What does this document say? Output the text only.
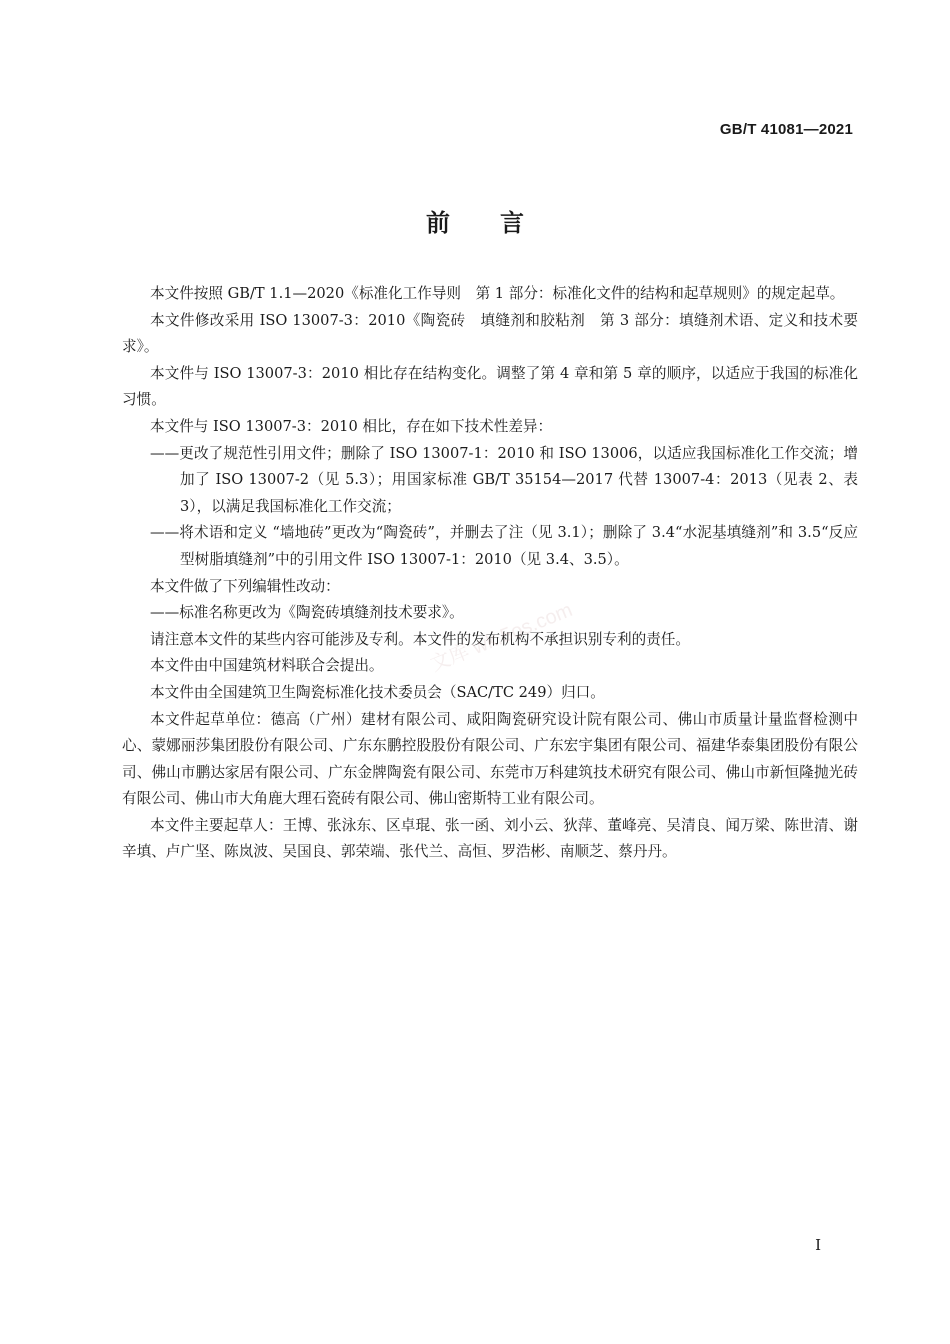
GB/T 41081—2021
前言

本文件按照 GB/T 1.1—2020《标准化工作导则　第 1 部分：标准化文件的结构和起草规则》的规定起草。

本文件修改采用 ISO 13007-3：2010《陶瓷砖　填缝剂和胶粘剂　第 3 部分：填缝剂术语、定义和技术要求》。

本文件与 ISO 13007-3：2010 相比存在结构变化。调整了第 4 章和第 5 章的顺序，以适应于我国的标准化习惯。

本文件与 ISO 13007-3：2010 相比，存在如下技术性差异：

——更改了规范性引用文件；删除了 ISO 13007-1：2010 和 ISO 13006，以适应我国标准化工作交流；增加了 ISO 13007-2（见 5.3）；用国家标准 GB/T 35154—2017 代替 13007-4：2013（见表 2、表 3），以满足我国标准化工作交流；

——将术语和定义 “墙地砖”更改为“陶瓷砖”，并删去了注（见 3.1）；删除了 3.4“水泥基填缝剂”和 3.5“反应型树脂填缝剂”中的引用文件 ISO 13007-1：2010（见 3.4、3.5）。

本文件做了下列编辑性改动：

——标准名称更改为《陶瓷砖填缝剂技术要求》。

请注意本文件的某些内容可能涉及专利。本文件的发布机构不承担识别专利的责任。

本文件由中国建筑材料联合会提出。

本文件由全国建筑卫生陶瓷标准化技术委员会（SAC/TC 249）归口。

本文件起草单位：德高（广州）建材有限公司、咸阳陶瓷研究设计院有限公司、佛山市质量计量监督检测中心、蒙娜丽莎集团股份有限公司、广东东鹏控股股份有限公司、广东宏宇集团有限公司、福建华泰集团股份有限公司、佛山市鹏达家居有限公司、广东金牌陶瓷有限公司、东莞市万科建筑技术研究有限公司、佛山市新恒隆抛光砖有限公司、佛山市大角鹿大理石瓷砖有限公司、佛山密斯特工业有限公司。

本文件主要起草人：王博、张泳东、区卓琨、张一函、刘小云、狄萍、董峰亮、吴清良、闻万梁、陈世清、谢辛填、卢广坚、陈岚波、吴国良、郭荣端、张代兰、高恒、罗浩彬、南顺芝、蔡丹丹。

文库 wk.5os.com
I
